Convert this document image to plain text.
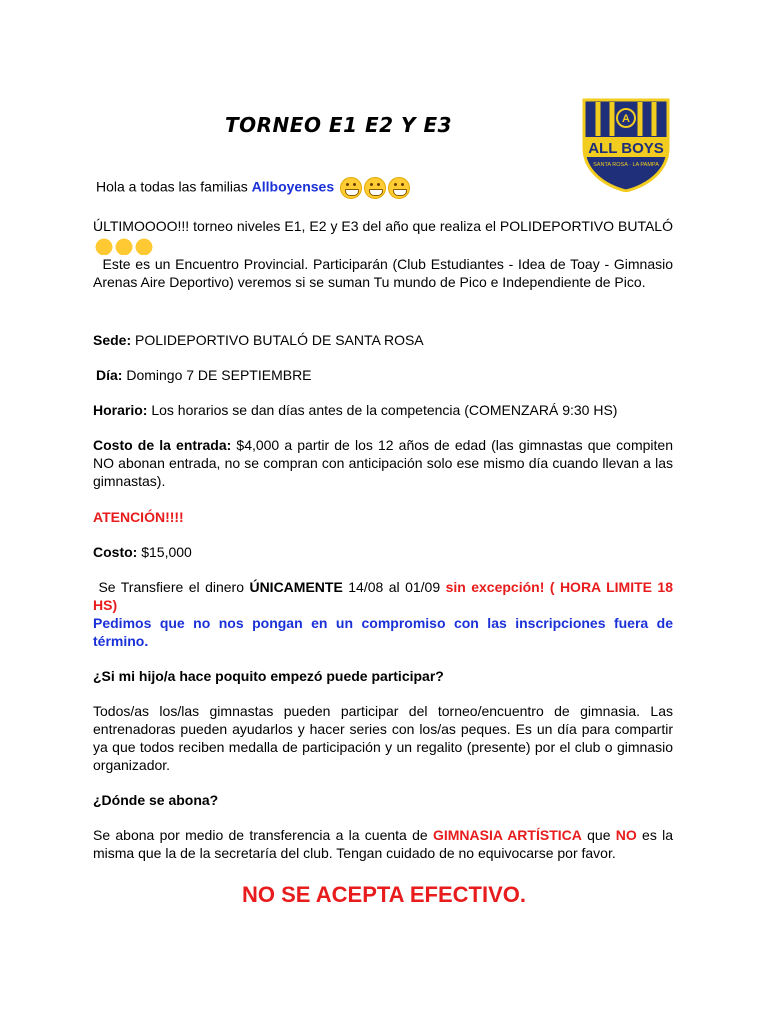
TORNEO E1 E2 Y E3	A
ALL BOYS
SANTA ROSA · LA PAMPA
Hola a todas las familias Allboyenses
ÚLTIMOOOO!!! torneo niveles E1, E2 y E3 del año que realiza el POLIDEPORTIVO BUTALÓ
Este es un Encuentro Provincial. Participarán (Club Estudiantes - Idea de Toay - Gimnasio Arenas Aire Deportivo) veremos si se suman Tu mundo de Pico e Independiente de Pico.
Sede: POLIDEPORTIVO BUTALÓ DE SANTA ROSA
Día: Domingo 7 DE SEPTIEMBRE
Horario: Los horarios se dan días antes de la competencia (COMENZARÁ 9:30 HS)
Costo de la entrada: $4,000 a partir de los 12 años de edad (las gimnastas que compiten NO abonan entrada, no se compran con anticipación solo ese mismo día cuando llevan a las gimnastas).
ATENCIÓN!!!!
Costo: $15,000
Se Transfiere el dinero ÚNICAMENTE 14/08 al 01/09 sin excepción! ( HORA LIMITE 18 HS)
Pedimos que no nos pongan en un compromiso con las inscripciones fuera de término.
¿Si mi hijo/a hace poquito empezó puede participar?
Todos/as los/las gimnastas pueden participar del torneo/encuentro de gimnasia. Las entrenadoras pueden ayudarlos y hacer series con los/as peques. Es un día para compartir ya que todos reciben medalla de participación y un regalito (presente) por el club o gimnasio organizador.
¿Dónde se abona?
Se abona por medio de transferencia a la cuenta de GIMNASIA ARTÍSTICA que NO es la misma que la de la secretaría del club. Tengan cuidado de no equivocarse por favor.
NO SE ACEPTA EFECTIVO.
